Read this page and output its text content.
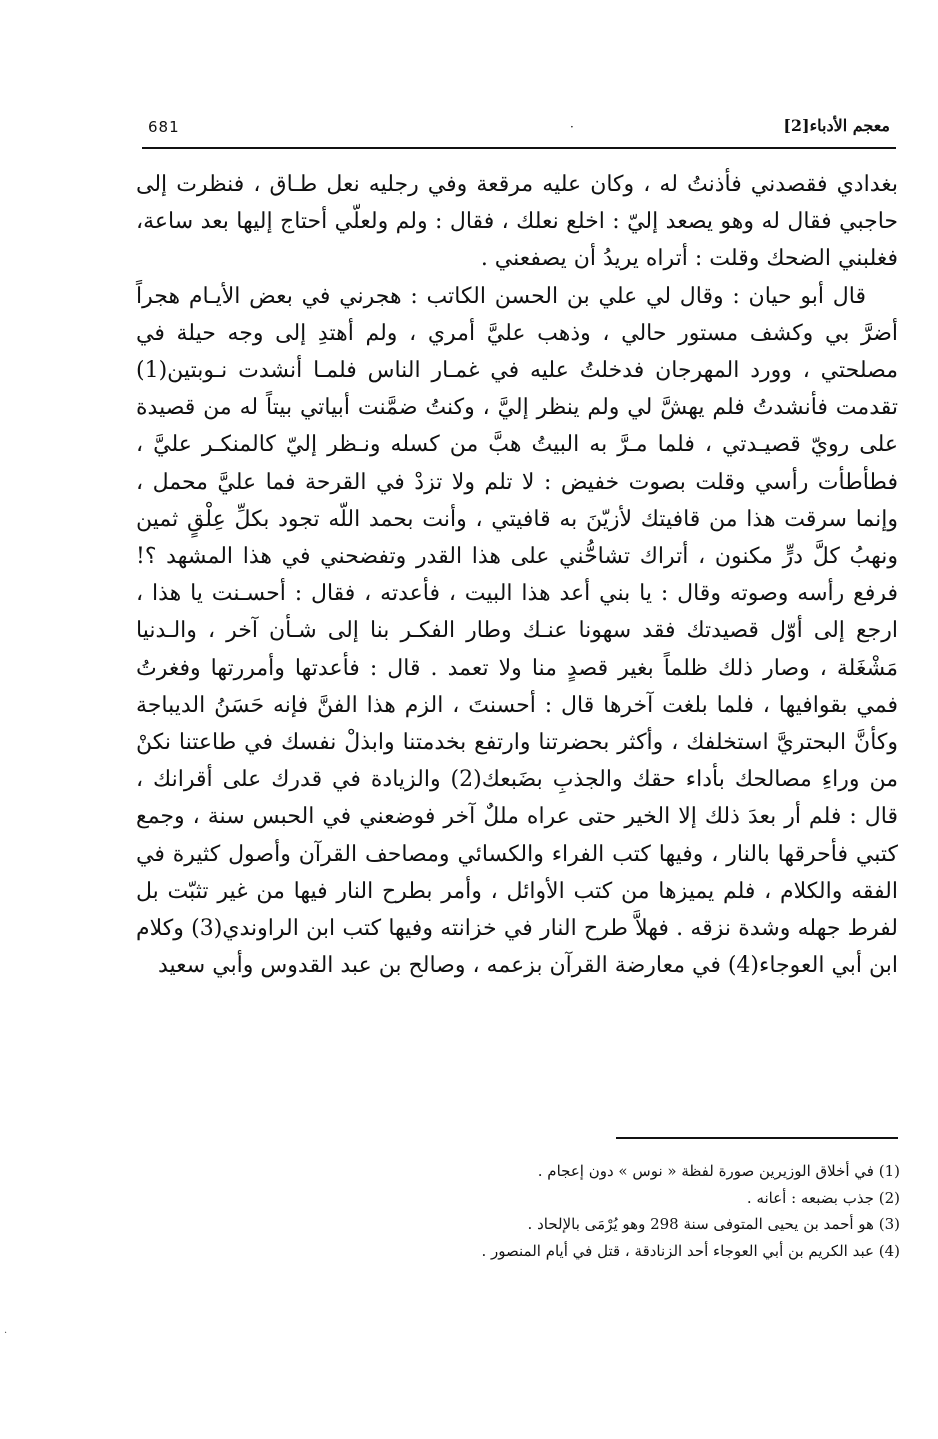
681	·	معجم الأدباء[2]

بغدادي فقصدني فأذنتُ له ، وكان عليه مرقعة وفي رجليه نعل طـاق ، فنظرت إلى حاجبي فقال له وهو يصعد إليّ : اخلع نعلك ، فقال : ولم ولعلّي أحتاج إليها بعد ساعة، فغلبني الضحك وقلت : أتراه يريدُ أن يصفعني .

قال أبو حيان : وقال لي علي بن الحسن الكاتب : هجرني في بعض الأيـام هجراً أضرَّ بي وكشف مستور حالي ، وذهب عليَّ أمري ، ولم أهتدِ إلى وجه حيلة في مصلحتي ، وورد المهرجان فدخلتُ عليه في غمـار الناس فلمـا أنشدت نـوبتين(1) تقدمت فأنشدتُ فلم يهشَّ لي ولم ينظر إليَّ ، وكنتُ ضمَّنت أبياتي بيتاً له من قصيدة على رويّ قصيـدتي ، فلما مـرَّ به البيتُ هبَّ من كسله ونـظر إليّ كالمنكـر عليَّ ، فطأطأت رأسي وقلت بصوت خفيض : لا تلم ولا تزدْ في القرحة فما عليَّ محمل ، وإنما سرقت هذا من قافيتك لأزيّنَ به قافيتي ، وأنت بحمد اللّه تجود بكلِّ عِلْقٍ ثمين ونهبُ كلَّ درٍّ مكنون ، أتراك تشاحُّني على هذا القدر وتفضحني في هذا المشهد ؟! فرفع رأسه وصوته وقال : يا بني أعد هذا البيت ، فأعدته ، فقال : أحسـنت يا هذا ، ارجع إلى أوّل قصيدتك فقد سهونا عنـك وطار الفكـر بنا إلى شـأن آخر ، والـدنيا مَشْغَلة ، وصار ذلك ظلماً بغير قصدٍ منا ولا تعمد . قال : فأعدتها وأمررتها وفغرتُ فمي بقوافيها ، فلما بلغت آخرها قال : أحسنتَ ، الزم هذا الفنَّ فإنه حَسَنُ الديباجة وكأنَّ البحتريَّ استخلفك ، وأكثر بحضرتنا وارتفع بخدمتنا وابذلْ نفسك في طاعتنا نكنْ من وراءِ مصالحك بأداء حقك والجذبِ بضَبعك(2) والزيادة في قدرك على أقرانك ، قال : فلم أر بعدَ ذلك إلا الخير حتى عراه مللٌ آخر فوضعني في الحبس سنة ، وجمع كتبي فأحرقها بالنار ، وفيها كتب الفراء والكسائي ومصاحف القرآن وأصول كثيرة في الفقه والكلام ، فلم يميزها من كتب الأوائل ، وأمر بطرح النار فيها من غير تثبّت بل لفرط جهله وشدة نزقه . فهلاَّ طرح النار في خزانته وفيها كتب ابن الراوندي(3) وكلام ابن أبي العوجاء(4) في معارضة القرآن بزعمه ، وصالح بن عبد القدوس وأبي سعيد

(1) في أخلاق الوزيرين صورة لفظة « نوس » دون إعجام .
(2) جذب بضبعه : أعانه .
(3) هو أحمد بن يحيى المتوفى سنة 298 وهو يُرْمَى بالإلحاد .
(4) عبد الكريم بن أبي العوجاء أحد الزنادقة ، قتل في أيام المنصور .
·
